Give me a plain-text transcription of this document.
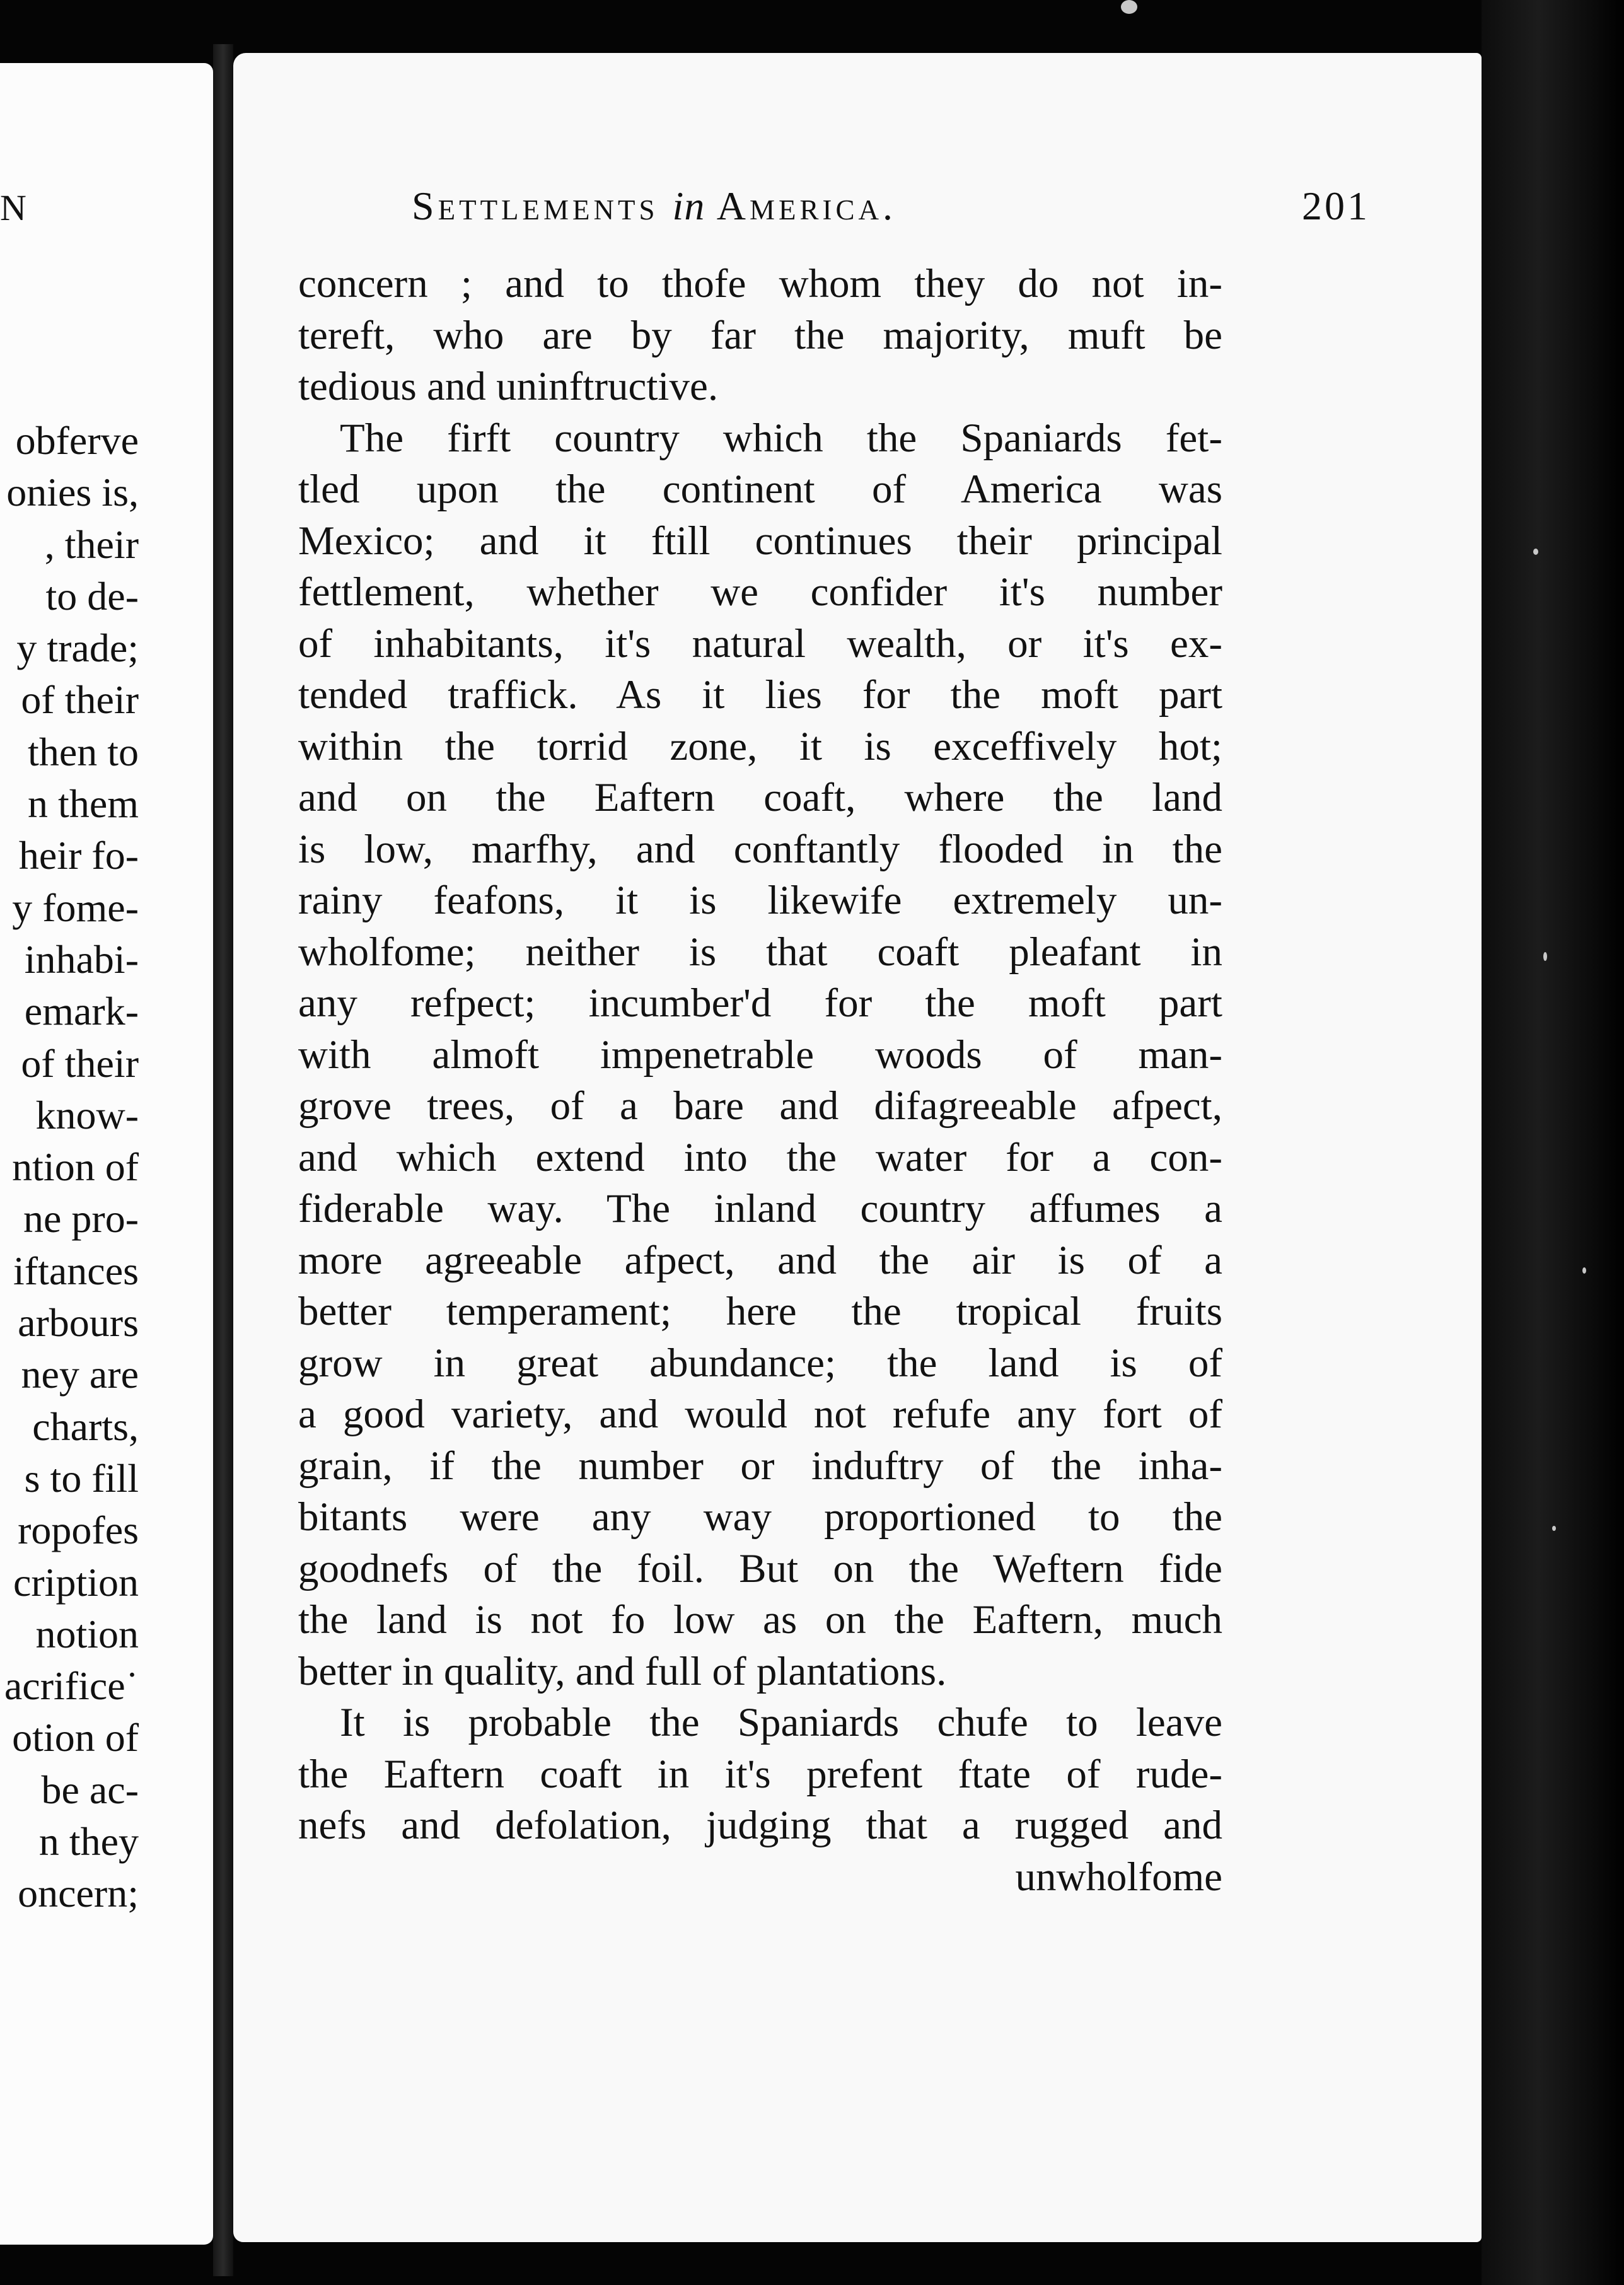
N
obferve
onies is,
, their
to de-
y trade;
of their
then to
n them
heir fo-
y fome-
inhabi-
emark-
of their
know-
ntion of
ne pro-
iftances
arbours
ney are
charts,
s to fill
ropofes
cription
notion
acrifice˙
otion of
be ac-
n they
oncern;
Settlements in America.	201
concern ; and to thofe whom they do not in-
tereft, who are by far the majority, muft be
tedious and uninftructive.
The firft country which the Spaniards fet-
tled upon the continent of America was
Mexico; and it ftill continues their principal
fettlement, whether we confider it's number
of inhabitants, it's natural wealth, or it's ex-
tended traffick. As it lies for the moft part
within the torrid zone, it is exceffively hot;
and on the Eaftern coaft, where the land
is low, marfhy, and conftantly flooded in the
rainy feafons, it is likewife extremely un-
wholfome; neither is that coaft pleafant in
any refpect; incumber'd for the moft part
with almoft impenetrable woods of man-
grove trees, of a bare and difagreeable afpect,
and which extend into the water for a con-
fiderable way. The inland country affumes a
more agreeable afpect, and the air is of a
better temperament; here the tropical fruits
grow in great abundance; the land is of
a good variety, and would not refufe any fort of
grain, if the number or induftry of the inha-
bitants were any way proportioned to the
goodnefs of the foil. But on the Weftern fide
the land is not fo low as on the Eaftern, much
better in quality, and full of plantations.
It is probable the Spaniards chufe to leave
the Eaftern coaft in it's prefent ftate of rude-
nefs and defolation, judging that a rugged and
unwholfome
